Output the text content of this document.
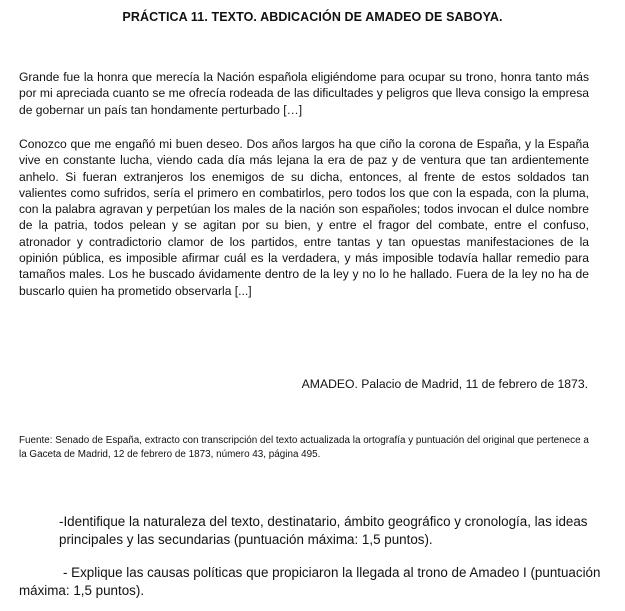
PRÁCTICA 11. TEXTO. ABDICACIÓN DE AMADEO DE SABOYA.

Grande fue la honra que merecía la Nación española eligiéndome para ocupar su trono, honra tanto más por mi apreciada cuanto se me ofrecía rodeada de las dificultades y peligros que lleva consigo la empresa de gobernar un país tan hondamente perturbado […]

Conozco que me engañó mi buen deseo. Dos años largos ha que ciño la corona de España, y la España vive en constante lucha, viendo cada día más lejana la era de paz y de ventura que tan ardientemente anhelo. Si fueran extranjeros los enemigos de su dicha, entonces, al frente de estos soldados tan valientes como sufridos, sería el primero en combatirlos, pero todos los que con la espada, con la pluma, con la palabra agravan y perpetúan los males de la nación son españoles; todos invocan el dulce nombre de la patria, todos pelean y se agitan por su bien, y entre el fragor del combate, entre el confuso, atronador y contradictorio clamor de los partidos, entre tantas y tan opuestas manifestaciones de la opinión pública, es imposible afirmar cuál es la verdadera, y más imposible todavía hallar remedio para tamaños males. Los he buscado ávidamente dentro de la ley y no lo he hallado. Fuera de la ley no ha de buscarlo quien ha prometido observarla [...]

AMADEO. Palacio de Madrid, 11 de febrero de 1873.

Fuente: Senado de España, extracto con transcripción del texto actualizada la ortografía y puntuación del original que pertenece a la Gaceta de Madrid, 12 de febrero de 1873, número 43, página 495.

-Identifique la naturaleza del texto, destinatario, ámbito geográfico y cronología, las ideas principales y las secundarias (puntuación máxima: 1,5 puntos).

- Explique las causas políticas que propiciaron la llegada al trono de Amadeo I (puntuación máxima: 1,5 puntos).
